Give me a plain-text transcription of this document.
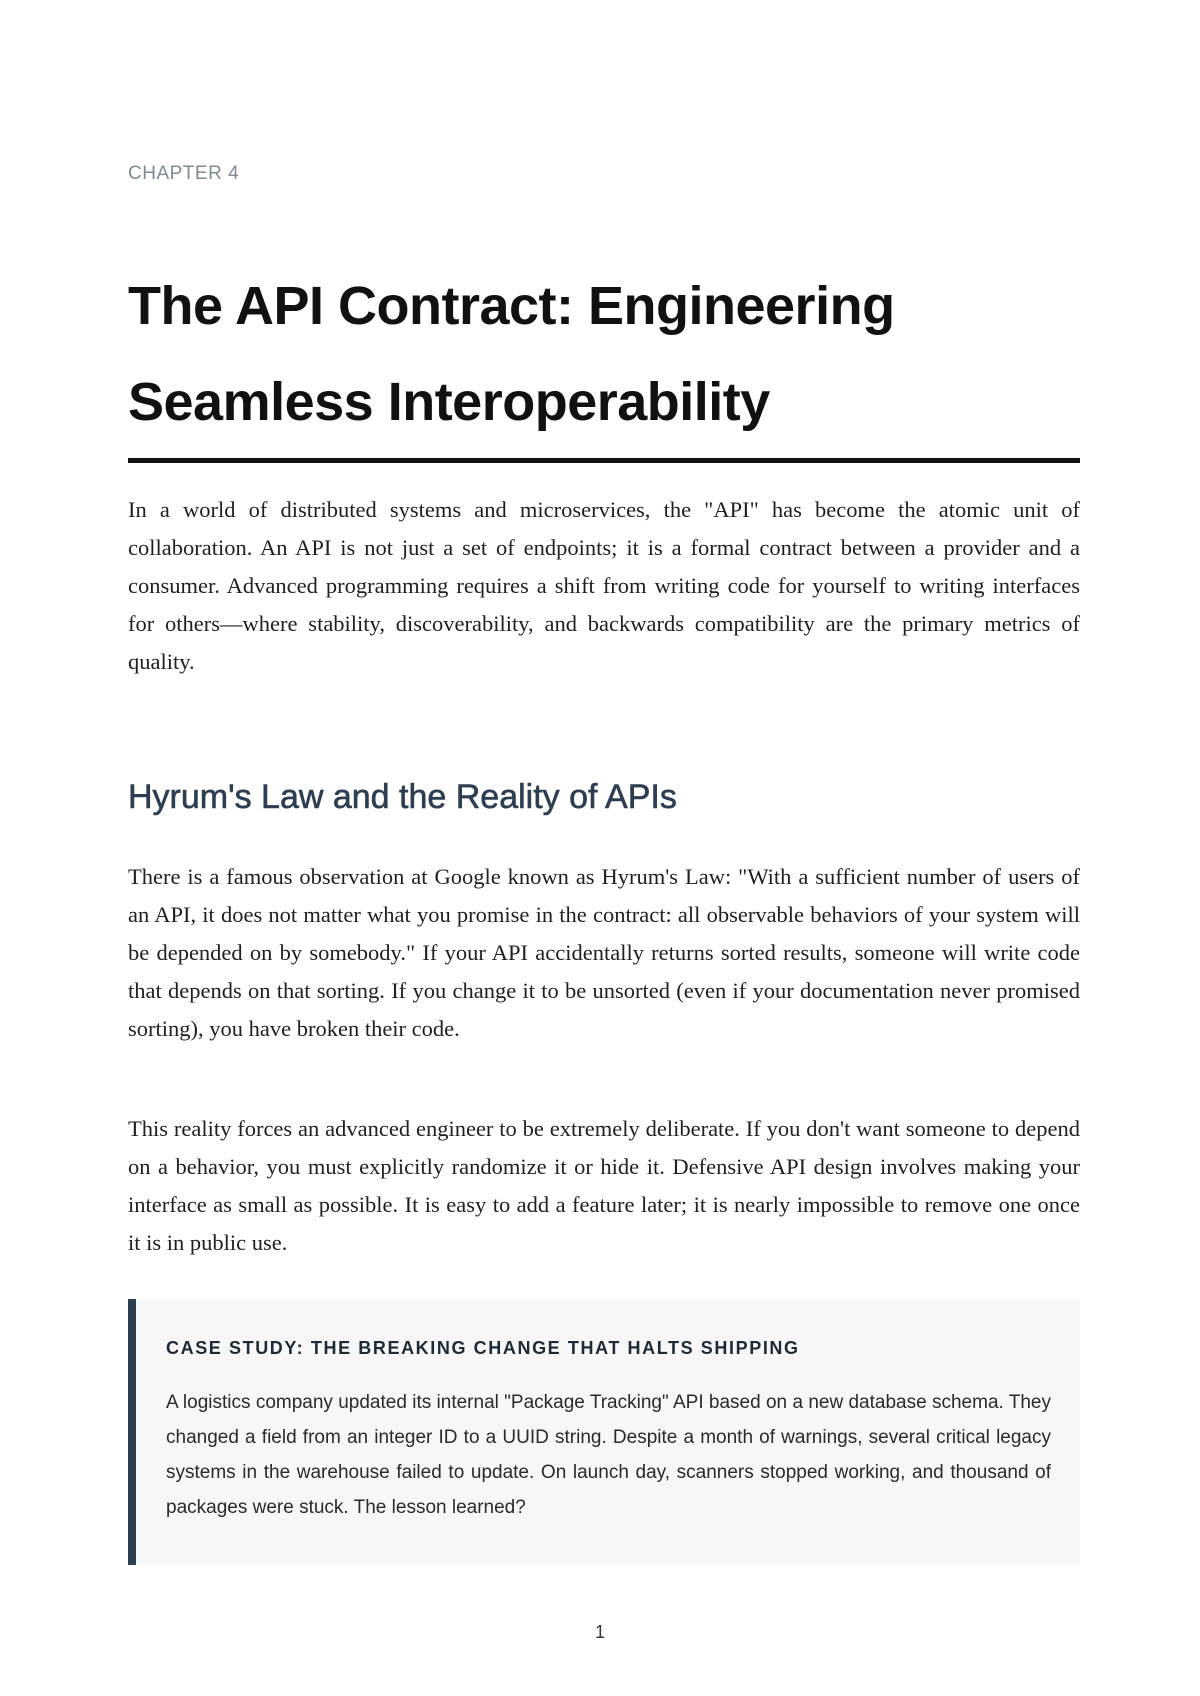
CHAPTER 4
The API Contract: Engineering Seamless Interoperability

In a world of distributed systems and microservices, the "API" has become the atomic unit of collaboration. An API is not just a set of endpoints; it is a formal contract between a provider and a consumer. Advanced programming requires a shift from writing code for yourself to writing interfaces for others—where stability, discoverability, and backwards compatibility are the primary metrics of quality.

Hyrum's Law and the Reality of APIs

There is a famous observation at Google known as Hyrum's Law: "With a sufficient number of users of an API, it does not matter what you promise in the contract: all observable behaviors of your system will be depended on by somebody." If your API accidentally returns sorted results, someone will write code that depends on that sorting. If you change it to be unsorted (even if your documentation never promised sorting), you have broken their code.

This reality forces an advanced engineer to be extremely deliberate. If you don't want someone to depend on a behavior, you must explicitly randomize it or hide it. Defensive API design involves making your interface as small as possible. It is easy to add a feature later; it is nearly impossible to remove one once it is in public use.

CASE STUDY: THE BREAKING CHANGE THAT HALTS SHIPPING

A logistics company updated its internal "Package Tracking" API based on a new database schema. They changed a field from an integer ID to a UUID string. Despite a month of warnings, several critical legacy systems in the warehouse failed to update. On launch day, scanners stopped working, and thousand of packages were stuck. The lesson learned?

1
